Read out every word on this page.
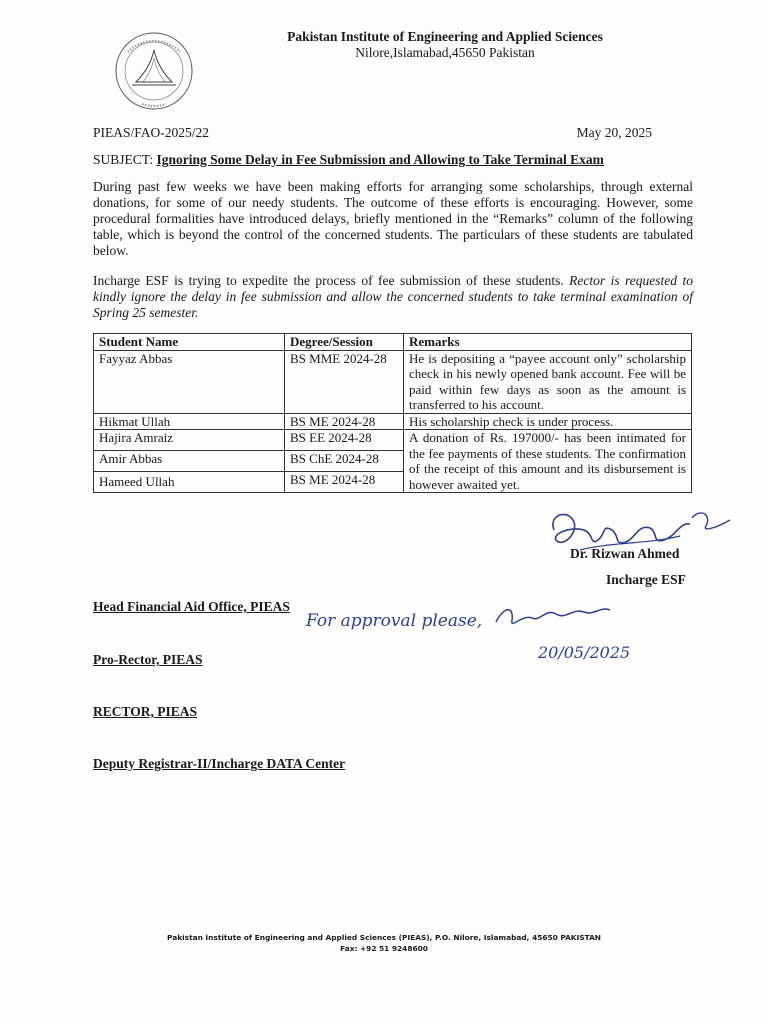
Pakistan Institute of Engineering and Applied Sciences
Nilore,Islamabad,45650 Pakistan
PIEAS/FAO-2025/22	May 20, 2025
SUBJECT: Ignoring Some Delay in Fee Submission and Allowing to Take Terminal Exam
During past few weeks we have been making efforts for arranging some scholarships, through external donations, for some of our needy students. The outcome of these efforts is encouraging. However, some procedural formalities have introduced delays, briefly mentioned in the “Remarks” column of the following table, which is beyond the control of the concerned students. The particulars of these students are tabulated below.
Incharge ESF is trying to expedite the process of fee submission of these students. Rector is requested to kindly ignore the delay in fee submission and allow the concerned students to take terminal examination of Spring 25 semester.
Student Name	Degree/Session	Remarks
Fayyaz Abbas	BS MME 2024-28	He is depositing a “payee account only” scholarship check in his newly opened bank account. Fee will be paid within few days as soon as the amount is transferred to his account.
Hikmat Ullah	BS ME 2024-28	His scholarship check is under process.
Hajira Amraiz	BS EE 2024-28	A donation of Rs. 197000/- has been intimated for the fee payments of these students. The confirmation of the receipt of this amount and its disbursement is however awaited yet.
Amir Abbas	BS ChE 2024-28	
Hameed Ullah	BS ME 2024-28	
Dr. Rizwan Ahmed
Incharge ESF
Head Financial Aid Office, PIEAS
Pro-Rector, PIEAS
RECTOR, PIEAS
Deputy Registrar-II/Incharge DATA Center
For approval please,
20/05/2025
Pakistan Institute of Engineering and Applied Sciences (PIEAS), P.O. Nilore, Islamabad, 45650 PAKISTAN
Fax: +92 51 9248600
